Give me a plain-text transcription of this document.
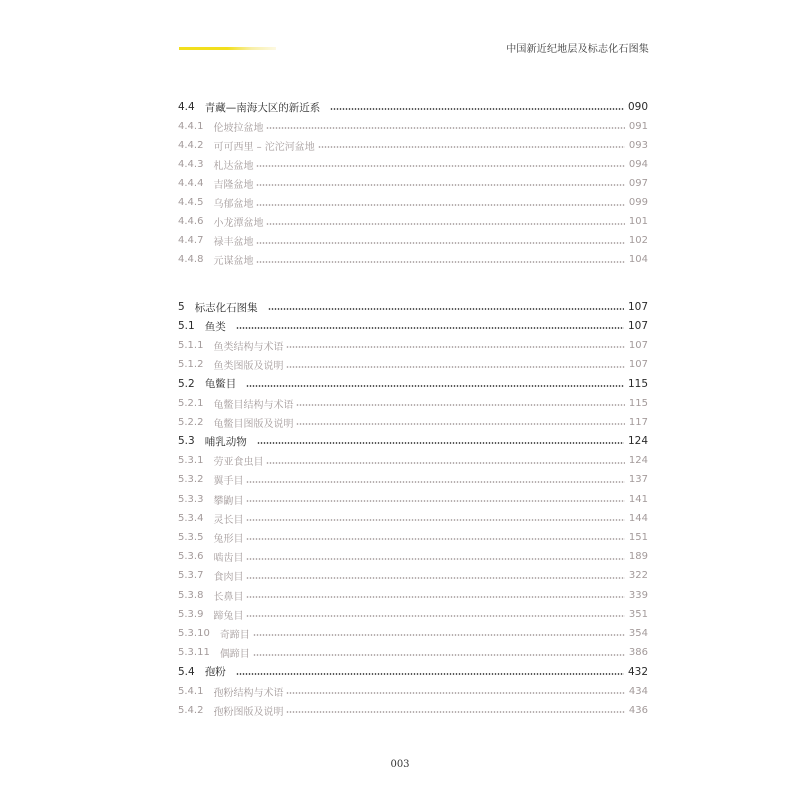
中国新近纪地层及标志化石图集
4.4 青藏—南海大区的新近系	090
4.4.1 伦坡拉盆地	091
4.4.2 可可西里 – 沱沱河盆地	093
4.4.3 札达盆地	094
4.4.4 吉隆盆地	097
4.4.5 乌郁盆地	099
4.4.6 小龙潭盆地	101
4.4.7 禄丰盆地	102
4.4.8 元谋盆地	104
5 标志化石图集	107
5.1 鱼类	107
5.1.1 鱼类结构与术语	107
5.1.2 鱼类图版及说明	107
5.2 龟鳖目	115
5.2.1 龟鳖目结构与术语	115
5.2.2 龟鳖目图版及说明	117
5.3 哺乳动物	124
5.3.1 劳亚食虫目	124
5.3.2 翼手目	137
5.3.3 攀鼩目	141
5.3.4 灵长目	144
5.3.5 兔形目	151
5.3.6 啮齿目	189
5.3.7 食肉目	322
5.3.8 长鼻目	339
5.3.9 蹄兔目	351
5.3.10 奇蹄目	354
5.3.11 偶蹄目	386
5.4 孢粉	432
5.4.1 孢粉结构与术语	434
5.4.2 孢粉图版及说明	436
003
